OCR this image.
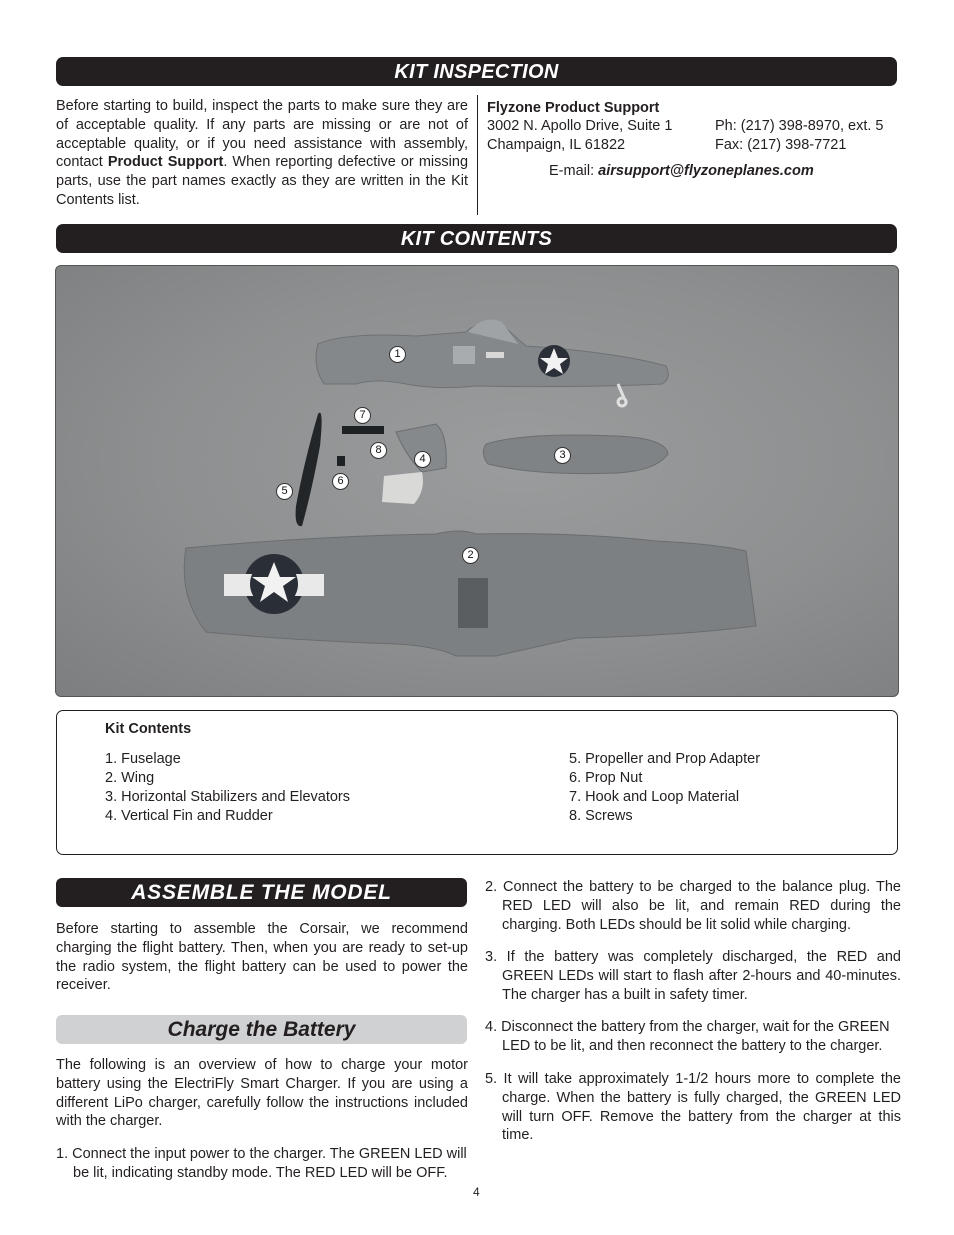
KIT INSPECTION
Before starting to build, inspect the parts to make sure they are of acceptable quality. If any parts are missing or are not of acceptable quality, or if you need assistance with assembly, contact Product Support. When reporting defective or missing parts, use the part names exactly as they are written in the Kit Contents list.
Flyzone Product Support
3002 N. Apollo Drive, Suite 1
Champaign, IL 61822
Ph: (217) 398-8970, ext. 5
Fax: (217) 398-7721
E-mail: airsupport@flyzoneplanes.com
KIT CONTENTS
1
2
3
4
5
6
7
8
Kit Contents
1. Fuselage
2. Wing
3. Horizontal Stabilizers and Elevators
4. Vertical Fin and Rudder
5. Propeller and Prop Adapter
6. Prop Nut
7. Hook and Loop Material
8. Screws
ASSEMBLE THE MODEL
Before starting to assemble the Corsair, we recommend charging the flight battery. Then, when you are ready to set-up the radio system, the flight battery can be used to power the receiver.
Charge the Battery
The following is an overview of how to charge your motor battery using the ElectriFly Smart Charger. If you are using a different LiPo charger, carefully follow the instructions included with the charger.
1. Connect the input power to the charger. The GREEN LED will be lit, indicating standby mode. The RED LED will be OFF.
2. Connect the battery to be charged to the balance plug. The RED LED will also be lit, and remain RED during the charging. Both LEDs should be lit solid while charging.
3. If the battery was completely discharged, the RED and GREEN LEDs will start to flash after 2-hours and 40-minutes. The charger has a built in safety timer.
4. Disconnect the battery from the charger, wait for the GREEN LED to be lit, and then reconnect the battery to the charger.
5. It will take approximately 1-1/2 hours more to complete the charge. When the battery is fully charged, the GREEN LED will turn OFF. Remove the battery from the charger at this time.
4
